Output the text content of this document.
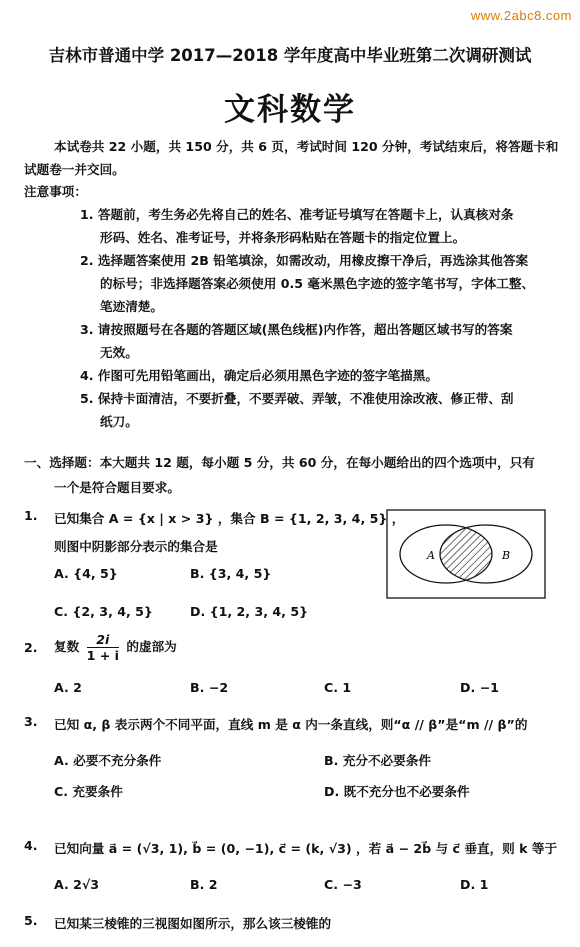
www.2abc8.com
吉林市普通中学 2017—2018 学年度高中毕业班第二次调研测试
文科数学
本试卷共 22 小题，共 150 分，共 6 页，考试时间 120 分钟，考试结束后，将答题卡和
试题卷一并交回。
注意事项：
1. 答题前，考生务必先将自己的姓名、准考证号填写在答题卡上，认真核对条
形码、姓名、准考证号，并将条形码粘贴在答题卡的指定位置上。
2. 选择题答案使用 2B 铅笔填涂，如需改动，用橡皮擦干净后，再选涂其他答案
的标号；非选择题答案必须使用 0.5 毫米黑色字迹的签字笔书写，字体工整、
笔迹清楚。
3. 请按照题号在各题的答题区域(黑色线框)内作答，超出答题区域书写的答案
无效。
4. 作图可先用铅笔画出，确定后必须用黑色字迹的签字笔描黑。
5. 保持卡面清洁，不要折叠，不要弄破、弄皱，不准使用涂改液、修正带、刮
纸刀。
一、选择题：本大题共 12 题，每小题 5 分，共 60 分，在每小题给出的四个选项中，只有
一个是符合题目要求。
1. 已知集合 A = {x | x > 3} ，集合 B = {1, 2, 3, 4, 5} ，
则图中阴影部分表示的集合是
A. {4, 5}	B. {3, 4, 5}
C. {2, 3, 4, 5}	D. {1, 2, 3, 4, 5}
A	B
2. 复数 $\frac{2i}{1 + i}$ 的虚部为
A. 2	B. −2	C. 1	D. −1
3. 已知 α, β 表示两个不同平面，直线 m 是 α 内一条直线，则“α // β”是“m // β”的
A. 必要不充分条件	B. 充分不必要条件
C. 充要条件	D. 既不充分也不必要条件
4. 已知向量 a⃗ = (√3, 1), b⃗ = (0, −1), c⃗ = (k, √3) ，若 a⃗ − 2b⃗ 与 c⃗ 垂直，则 k 等于
A. 2√3	B. 2	C. −3	D. 1
5. 已知某三棱锥的三视图如图所示，那么该三棱锥的
